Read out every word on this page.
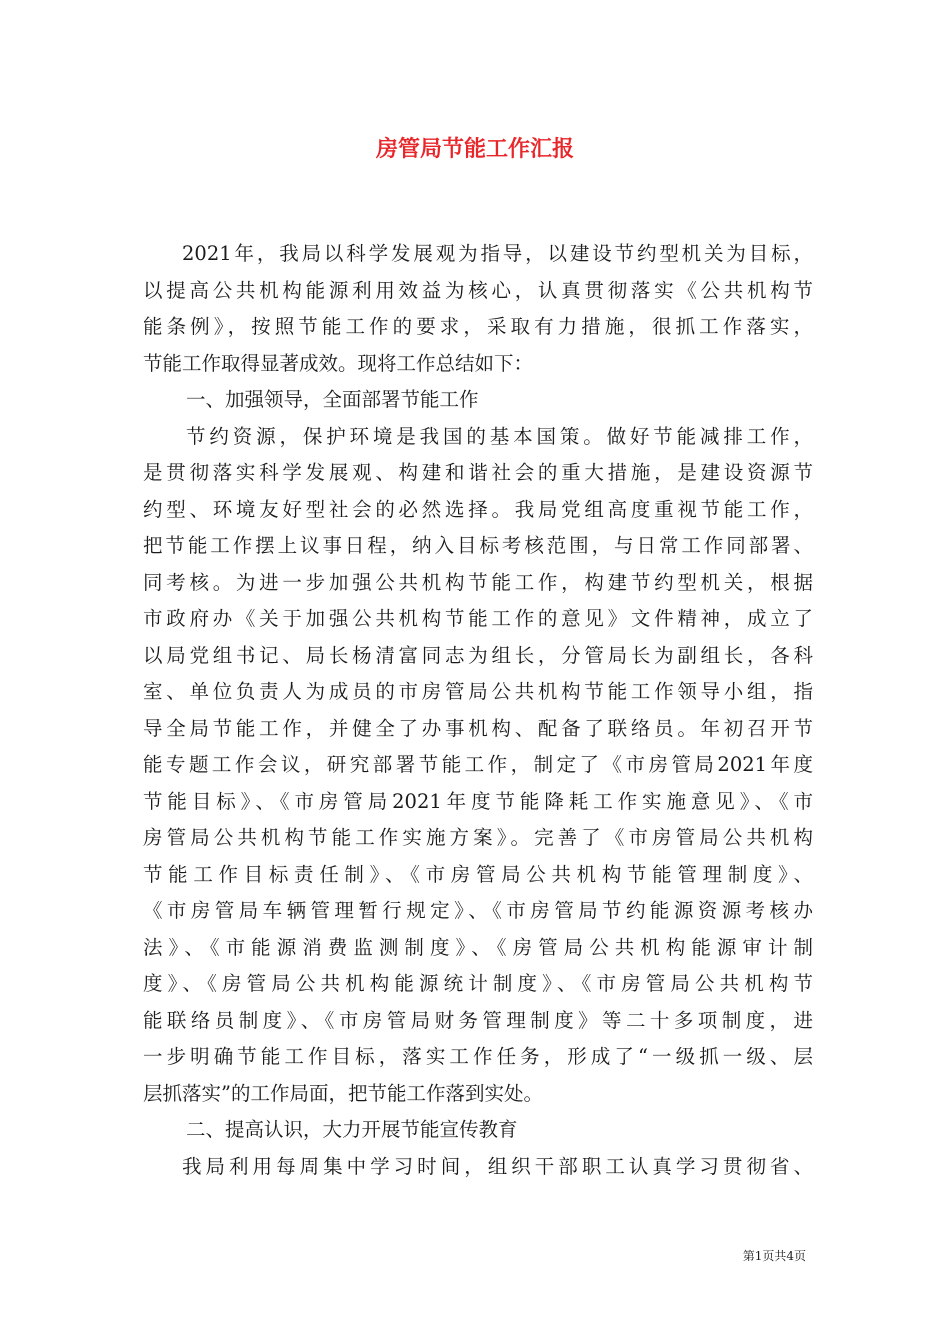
房管局节能工作汇报
2021年，我局以科学发展观为指导，以建设节约型机关为目标，
以提高公共机构能源利用效益为核心，认真贯彻落实《公共机构节
能条例》，按照节能工作的要求，采取有力措施，很抓工作落实，
节能工作取得显著成效。现将工作总结如下：
一、加强领导，全面部署节能工作
节约资源，保护环境是我国的基本国策。做好节能减排工作，
是贯彻落实科学发展观、构建和谐社会的重大措施，是建设资源节
约型、环境友好型社会的必然选择。我局党组高度重视节能工作，
把节能工作摆上议事日程，纳入目标考核范围，与日常工作同部署、
同考核。为进一步加强公共机构节能工作，构建节约型机关，根据
市政府办《关于加强公共机构节能工作的意见》文件精神，成立了
以局党组书记、局长杨清富同志为组长，分管局长为副组长，各科
室、单位负责人为成员的市房管局公共机构节能工作领导小组，指
导全局节能工作，并健全了办事机构、配备了联络员。年初召开节
能专题工作会议，研究部署节能工作，制定了《市房管局2021年度
节能目标》、《市房管局2021年度节能降耗工作实施意见》、《市
房管局公共机构节能工作实施方案》。完善了《市房管局公共机构
节能工作目标责任制》、《市房管局公共机构节能管理制度》、
《市房管局车辆管理暂行规定》、《市房管局节约能源资源考核办
法》、《市能源消费监测制度》、《房管局公共机构能源审计制
度》、《房管局公共机构能源统计制度》、《市房管局公共机构节
能联络员制度》、《市房管局财务管理制度》等二十多项制度，进
一步明确节能工作目标，落实工作任务，形成了“一级抓一级、层
层抓落实”的工作局面，把节能工作落到实处。
二、提高认识，大力开展节能宣传教育
我局利用每周集中学习时间，组织干部职工认真学习贯彻省、
第1页共4页
